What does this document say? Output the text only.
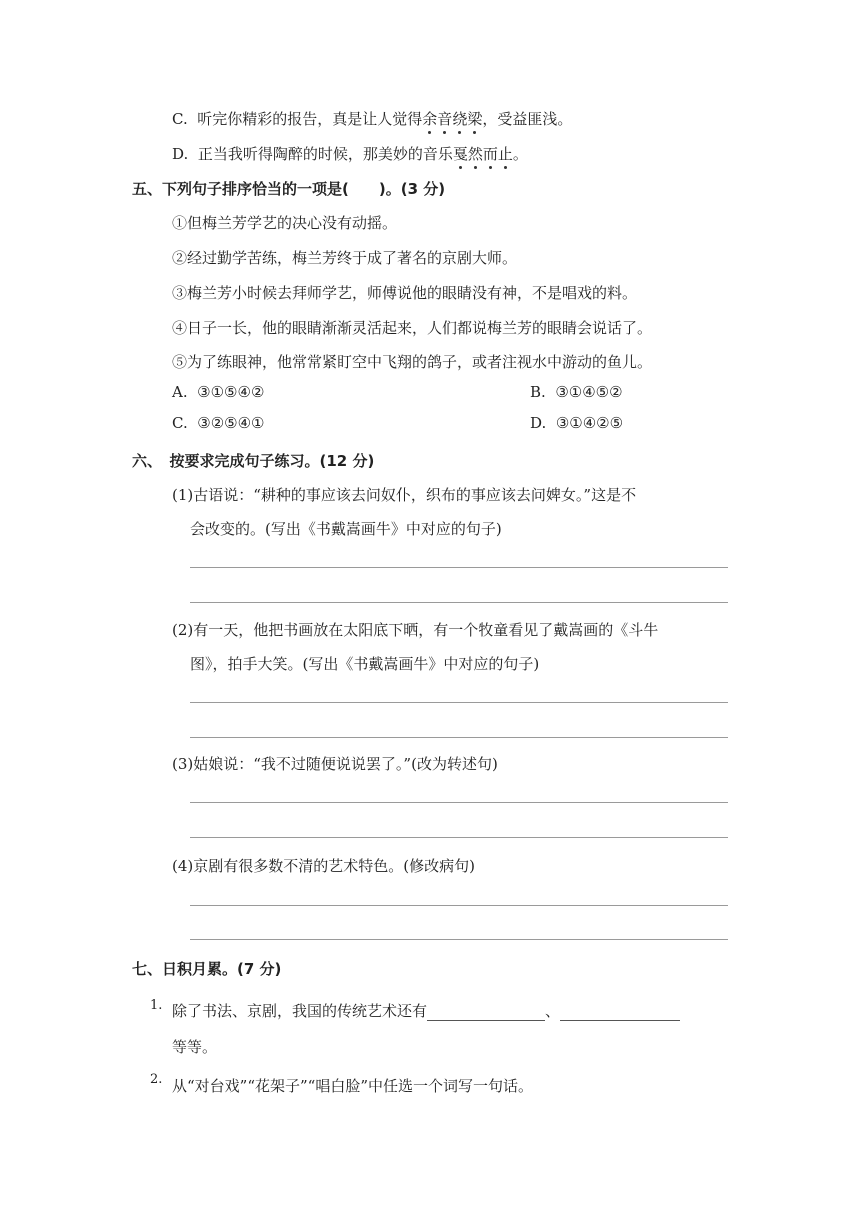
C. 听完你精彩的报告，真是让人觉得余音绕梁，受益匪浅。
D. 正当我听得陶醉的时候，那美妙的音乐戛然而止。
五、下列句子排序恰当的一项是(　　)。(3 分)
①但梅兰芳学艺的决心没有动摇。
②经过勤学苦练，梅兰芳终于成了著名的京剧大师。
③梅兰芳小时候去拜师学艺，师傅说他的眼睛没有神，不是唱戏的料。
④日子一长，他的眼睛渐渐灵活起来，人们都说梅兰芳的眼睛会说话了。
⑤为了练眼神，他常常紧盯空中飞翔的鸽子，或者注视水中游动的鱼儿。
A. ③①⑤④②	B. ③①④⑤②
C. ③②⑤④①	D. ③①④②⑤
六、　按要求完成句子练习。(12 分)
(1)古语说：“耕种的事应该去问奴仆，织布的事应该去问婢女。”这是不
会改变的。(写出《书戴嵩画牛》中对应的句子)
(2)有一天，他把书画放在太阳底下晒，有一个牧童看见了戴嵩画的《斗牛
图》，拍手大笑。(写出《书戴嵩画牛》中对应的句子)
(3)姑娘说：“我不过随便说说罢了。”(改为转述句)
(4)京剧有很多数不清的艺术特色。(修改病句)
七、日积月累。(7 分)
1. 除了书法、京剧，我国的传统艺术还有	、
等等。
2. 从“对台戏”“花架子”“唱白脸”中任选一个词写一句话。
